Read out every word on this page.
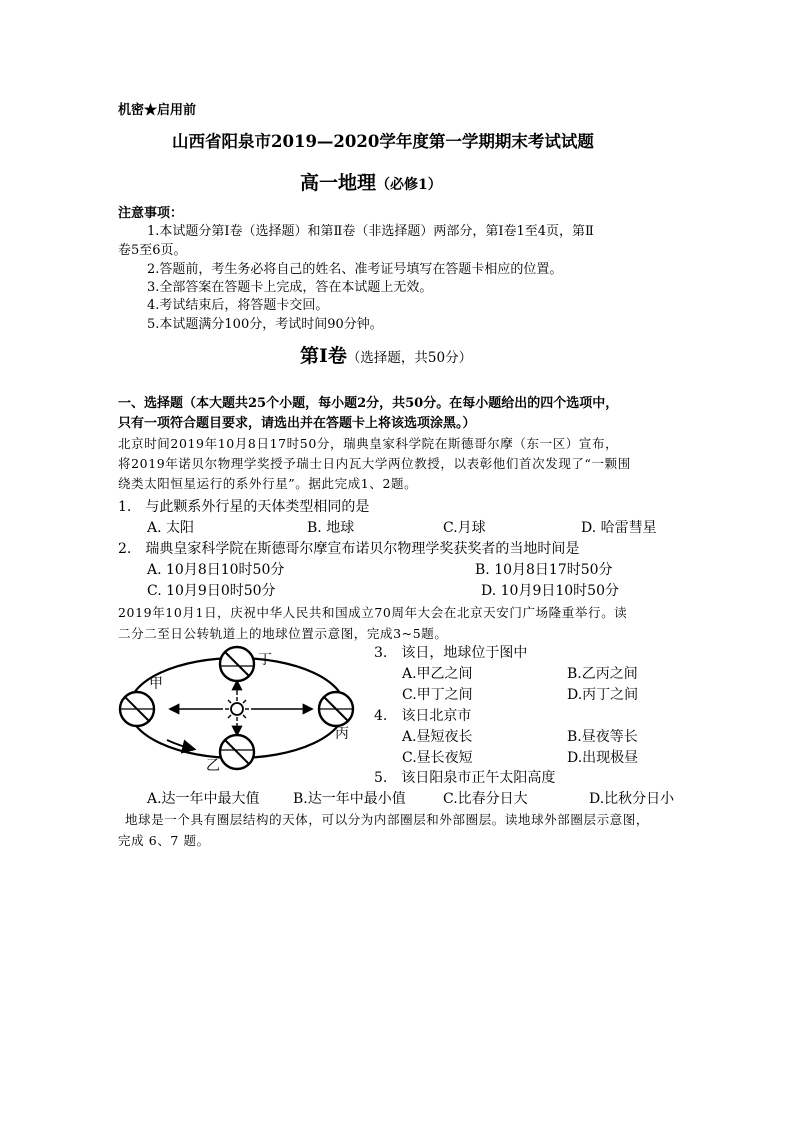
机密★启用前
山西省阳泉市2019—2020学年度第一学期期末考试试题
高一地理（必修1）
注意事项：
1.本试题分第Ⅰ卷（选择题）和第Ⅱ卷（非选择题）两部分，第Ⅰ卷1至4页，第Ⅱ
卷5至6页。
2.答题前，考生务必将自己的姓名、准考证号填写在答题卡相应的位置。
3.全部答案在答题卡上完成，答在本试题上无效。
4.考试结束后，将答题卡交回。
5.本试题满分100分，考试时间90分钟。
第Ⅰ卷（选择题，共50分）
一、选择题（本大题共25个小题，每小题2分，共50分。在每小题给出的四个选项中，
只有一项符合题目要求，请选出并在答题卡上将该选项涂黑。）
北京时间2019年10月8日17时50分，瑞典皇家科学院在斯德哥尔摩（东一区）宣布，
将2019年诺贝尔物理学奖授予瑞士日内瓦大学两位教授，以表彰他们首次发现了“一颗围
绕类太阳恒星运行的系外行星”。据此完成1、2题。
1.　与此颗系外行星的天体类型相同的是
A. 太阳	B. 地球	C.月球	D. 哈雷彗星
2.　瑞典皇家科学院在斯德哥尔摩宣布诺贝尔物理学奖获奖者的当地时间是
A. 10月8日10时50分	B. 10月8日17时50分
C. 10月9日0时50分	D. 10月9日10时50分
2019年10月1日，庆祝中华人民共和国成立70周年大会在北京天安门广场隆重举行。读
二分二至日公转轨道上的地球位置示意图，完成3~5题。
甲
丁
丙
乙
3.　该日，地球位于图中
A.甲乙之间	B.乙丙之间
C.甲丁之间	D.丙丁之间
4.　该日北京市
A.昼短夜长	B.昼夜等长
C.昼长夜短	D.出现极昼
5.　该日阳泉市正午太阳高度
A.达一年中最大值 B.达一年中最小值	C.比春分日大	D.比秋分日小
地球是一个具有圈层结构的天体，可以分为内部圈层和外部圈层。读地球外部圈层示意图，
完成 6、7 题。
